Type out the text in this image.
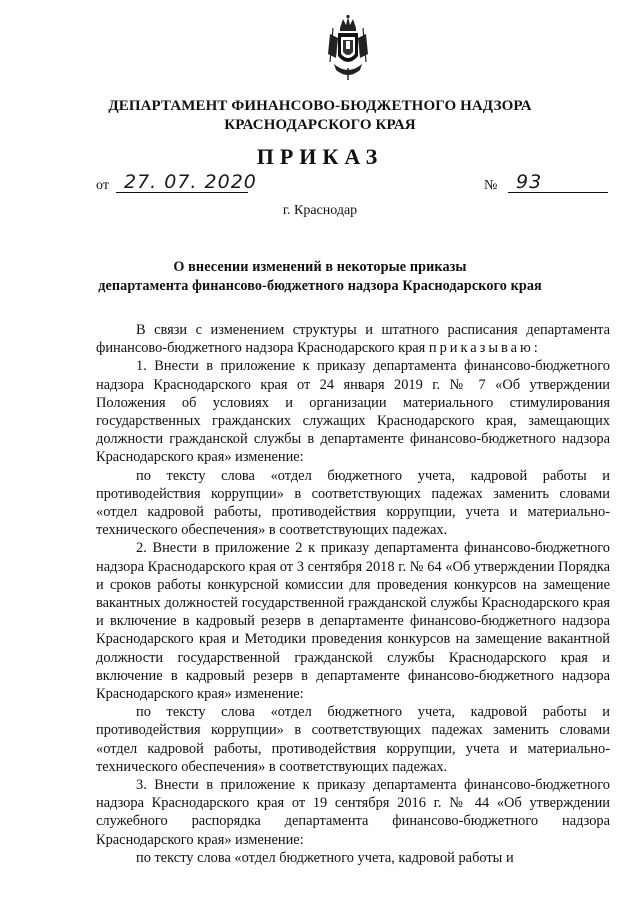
ДЕПАРТАМЕНТ ФИНАНСОВО-БЮДЖЕТНОГО НАДЗОРА
КРАСНОДАРСКОГО КРАЯ
ПРИКАЗ
от 27. 07. 2020	№ 93
г. Краснодар
О внесении изменений в некоторые приказы
департамента финансово-бюджетного надзора Краснодарского края

В связи с изменением структуры и штатного расписания департамента финансово-бюджетного надзора Краснодарского края приказываю:

1. Внести в приложение к приказу департамента финансово-бюджетного надзора Краснодарского края от 24 января 2019 г. № 7 «Об утверждении Положения об условиях и организации материального стимулирования государственных гражданских служащих Краснодарского края, замещающих должности гражданской службы в департаменте финансово-бюджетного надзора Краснодарского края» изменение:

по тексту слова «отдел бюджетного учета, кадровой работы и противодействия коррупции» в соответствующих падежах заменить словами «отдел кадровой работы, противодействия коррупции, учета и материально-технического обеспечения» в соответствующих падежах.

2. Внести в приложение 2 к приказу департамента финансово-бюджетного надзора Краснодарского края от 3 сентября 2018 г. № 64 «Об утверждении Порядка и сроков работы конкурсной комиссии для проведения конкурсов на замещение вакантных должностей государственной гражданской службы Краснодарского края и включение в кадровый резерв в департаменте финансово-бюджетного надзора Краснодарского края и Методики проведения конкурсов на замещение вакантной должности государственной гражданской службы Краснодарского края и включение в кадровый резерв в департаменте финансово-бюджетного надзора Краснодарского края» изменение:

по тексту слова «отдел бюджетного учета, кадровой работы и противодействия коррупции» в соответствующих падежах заменить словами «отдел кадровой работы, противодействия коррупции, учета и материально-технического обеспечения» в соответствующих падежах.

3. Внести в приложение к приказу департамента финансово-бюджетного надзора Краснодарского края от 19 сентября 2016 г. № 44 «Об утверждении служебного распорядка департамента финансово-бюджетного надзора Краснодарского края» изменение:

по тексту слова «отдел бюджетного учета, кадровой работы и
